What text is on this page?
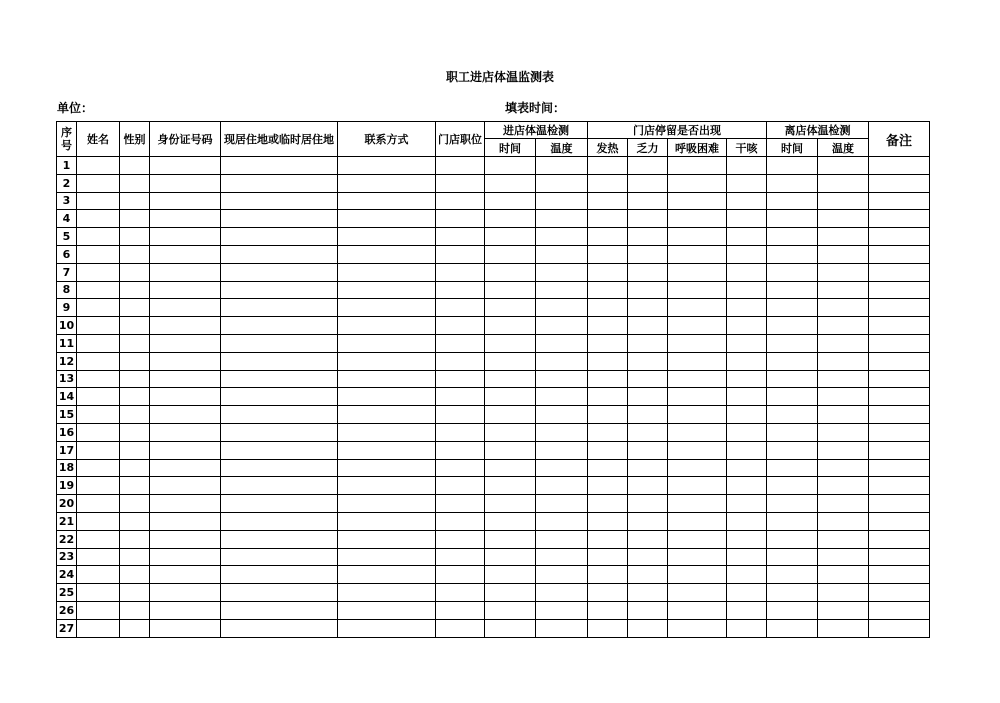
职工进店体温监测表
单位：	填表时间：
序号	姓名	性别	身份证号码	现居住地或临时居住地	联系方式	门店职位	进店体温检测		门店停留是否出现				离店体温检测		备注
							时间	温度	发热	乏力	呼吸困难	干咳	时间	温度	
1															
2															
3															
4															
5															
6															
7															
8															
9															
10															
11															
12															
13															
14															
15															
16															
17															
18															
19															
20															
21															
22															
23															
24															
25															
26															
27															
